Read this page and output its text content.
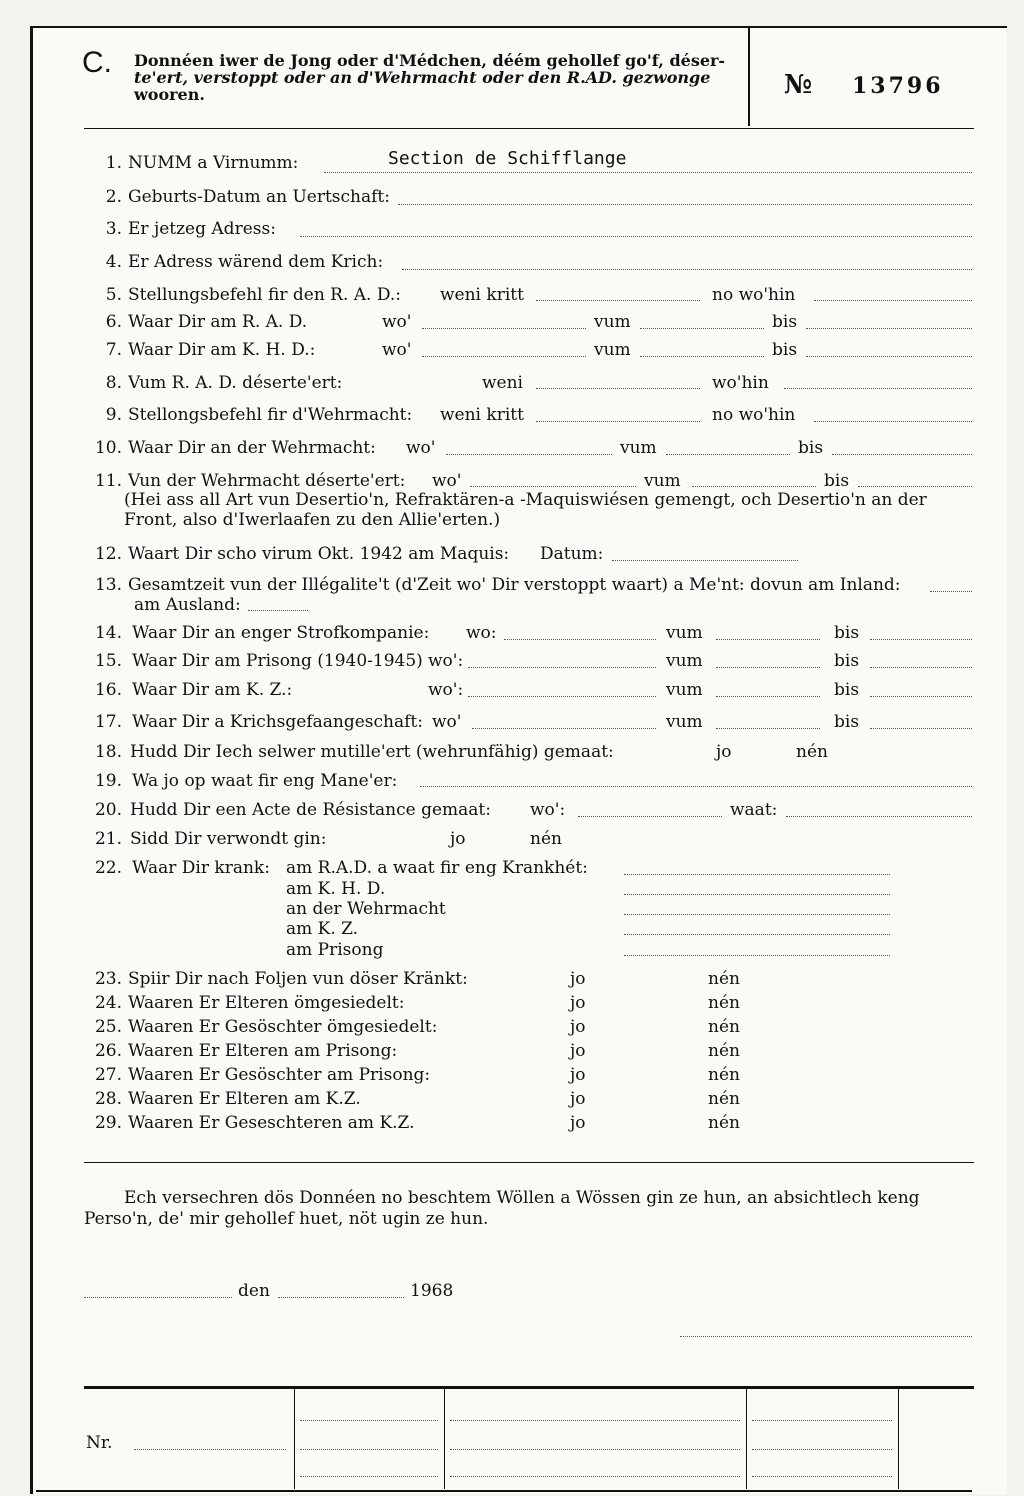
C. Donnéen iwer de Jong oder d'Médchen, déém gehollef go'f, déser-
te'ert, verstoppt oder an d'Wehrmacht oder den R.AD. gezwonge
wooren.	№ 13796
1. NUMM a Virnumm:	Section de Schifflange
2. Geburts-Datum an Uertschaft:
3. Er jetzeg Adress:
4. Er Adress wärend dem Krich:
5. Stellungsbefehl fir den R. A. D.: weni kritt	no wo'hin
6. Waar Dir am R. A. D.	wo'	vum	bis
7. Waar Dir am K. H. D.:	wo'	vum	bis
8. Vum R. A. D. déserte'ert:	weni	wo'hin
9. Stellongsbefehl fir d'Wehrmacht: weni kritt	no wo'hin
10. Waar Dir an der Wehrmacht: wo'	vum	bis
11. Vun der Wehrmacht déserte'ert: wo'	vum	bis
(Hei ass all Art vun Desertio'n, Refraktären-a -Maquiswiésen gemengt, och Desertio'n an der
Front, also d'Iwerlaafen zu den Allie'erten.)
12. Waart Dir scho virum Okt. 1942 am Maquis: Datum:
13. Gesamtzeit vun der Illégalite't (d'Zeit wo' Dir verstoppt waart) a Me'nt: dovun am Inland:
am Ausland:
14. Waar Dir an enger Strofkompanie: wo:	vum	bis
15. Waar Dir am Prisong (1940-1945) wo':	vum	bis
16. Waar Dir am K. Z.:	wo':	vum	bis
17. Waar Dir a Krichsgefaangeschaft: wo'	vum	bis
18. Hudd Dir Iech selwer mutille'ert (wehrunfähig) gemaat:	jo	nén
19. Wa jo op waat fir eng Mane'er:
20. Hudd Dir een Acte de Résistance gemaat: wo':	waat:
21. Sidd Dir verwondt gin:	jo	nén
22. Waar Dir krank: am R.A.D. a waat fir eng Krankhét:
am K. H. D.
an der Wehrmacht
am K. Z.
am Prisong
23. Spiir Dir nach Foljen vun döser Kränkt:	jo	nén
24. Waaren Er Elteren ömgesiedelt:	jo	nén
25. Waaren Er Gesöschter ömgesiedelt:	jo	nén
26. Waaren Er Elteren am Prisong:	jo	nén
27. Waaren Er Gesöschter am Prisong:	jo	nén
28. Waaren Er Elteren am K.Z.	jo	nén
29. Waaren Er Geseschteren am K.Z.	jo	nén
Ech versechren dös Donnéen no beschtem Wöllen a Wössen gin ze hun, an absichtlech keng
Perso'n, de' mir gehollef huet, nöt ugin ze hun.
den	1968
Nr.
